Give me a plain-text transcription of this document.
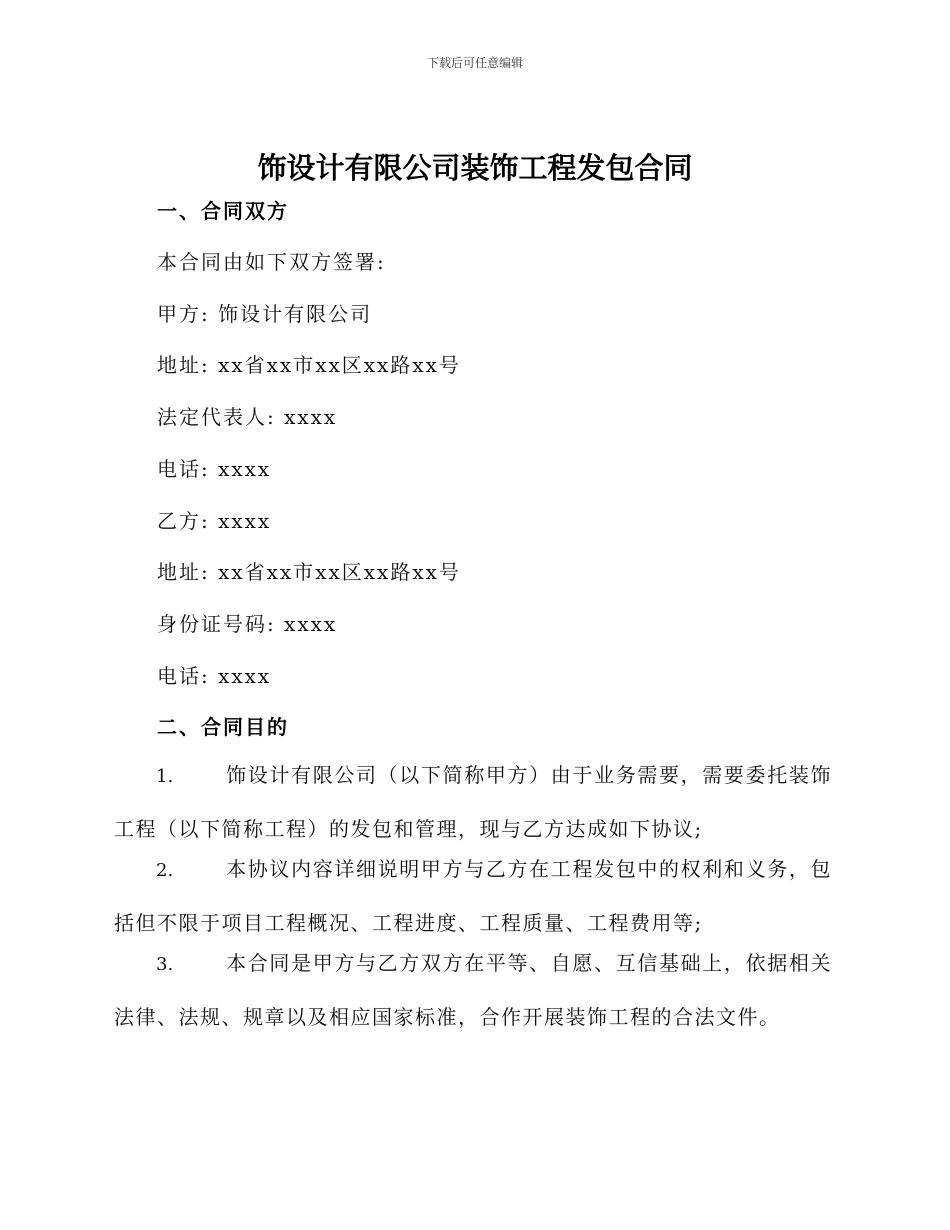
下载后可任意编辑
饰设计有限公司装饰工程发包合同
一、合同双方
本合同由如下双方签署:
甲方: 饰设计有限公司
地址: xx省xx市xx区xx路xx号
法定代表人: xxxx
电话: xxxx
乙方: xxxx
地址: xx省xx市xx区xx路xx号
身份证号码: xxxx
电话: xxxx
二、合同目的
1.	饰设计有限公司（以下简称甲方）由于业务需要，需要委托装饰
工程（以下简称工程）的发包和管理，现与乙方达成如下协议;
2.	本协议内容详细说明甲方与乙方在工程发包中的权利和义务，包
括但不限于项目工程概况、工程进度、工程质量、工程费用等;
3.	本合同是甲方与乙方双方在平等、自愿、互信基础上，依据相关
法律、法规、规章以及相应国家标准，合作开展装饰工程的合法文件。
